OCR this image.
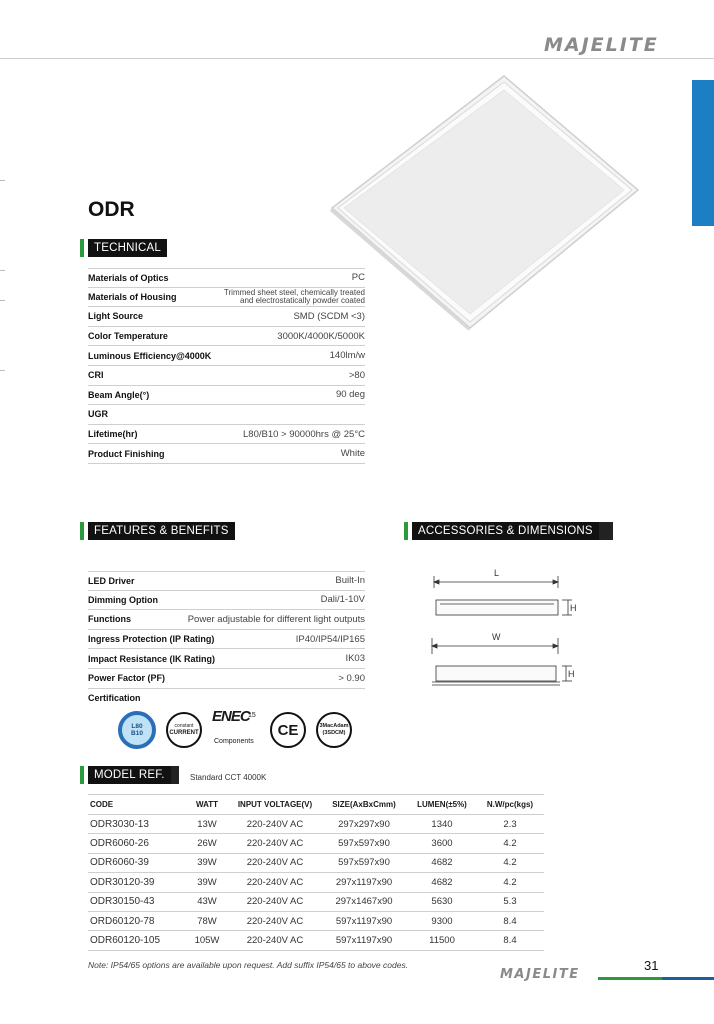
MAJELITE
ODR
TECHNICAL
Materials of Optics	PC
Materials of Housing	Trimmed sheet steel, chemically treated
and electrostatically powder coated
Light Source	SMD (SCDM <3)
Color Temperature	3000K/4000K/5000K
Luminous Efficiency@4000K	140lm/w
CRI	>80
Beam Angle(°)	90 deg
UGR
Lifetime(hr)	L80/B10 > 90000hrs @ 25°C
Product Finishing	White
FEATURES & BENEFITS
LED Driver	Built-In
Dimming Option	Dali/1-10V
Functions	Power adjustable for different light outputs
Ingress Protection (IP Rating)	IP40/IP54/IP165
Impact Resistance (IK Rating)	IK03
Power Factor (PF)	> 0.90
Certification
L80
B10
constant
CURRENT
ENEC
15
Components
CE	3MacAdam
(3SDCM)
ACCESSORIES & DIMENSIONS
L
H
W
H
MODEL REF.	Standard CCT 4000K
CODE	WATT	INPUT VOLTAGE(V)	SIZE(AxBxCmm)	LUMEN(±5%)	N.W/pc(kgs)
ODR3030-13	13W	220-240V AC	297x297x90	1340	2.3
ODR6060-26	26W	220-240V AC	597x597x90	3600	4.2
ODR6060-39	39W	220-240V AC	597x597x90	4682	4.2
ODR30120-39	39W	220-240V AC	297x1197x90	4682	4.2
ODR30150-43	43W	220-240V AC	297x1467x90	5630	5.3
ORD60120-78	78W	220-240V AC	597x1197x90	9300	8.4
ODR60120-105	105W	220-240V AC	597x1197x90	11500	8.4
Note: IP54/65 options are available upon request. Add suffix IP54/65 to above codes.	31
MAJELITE
